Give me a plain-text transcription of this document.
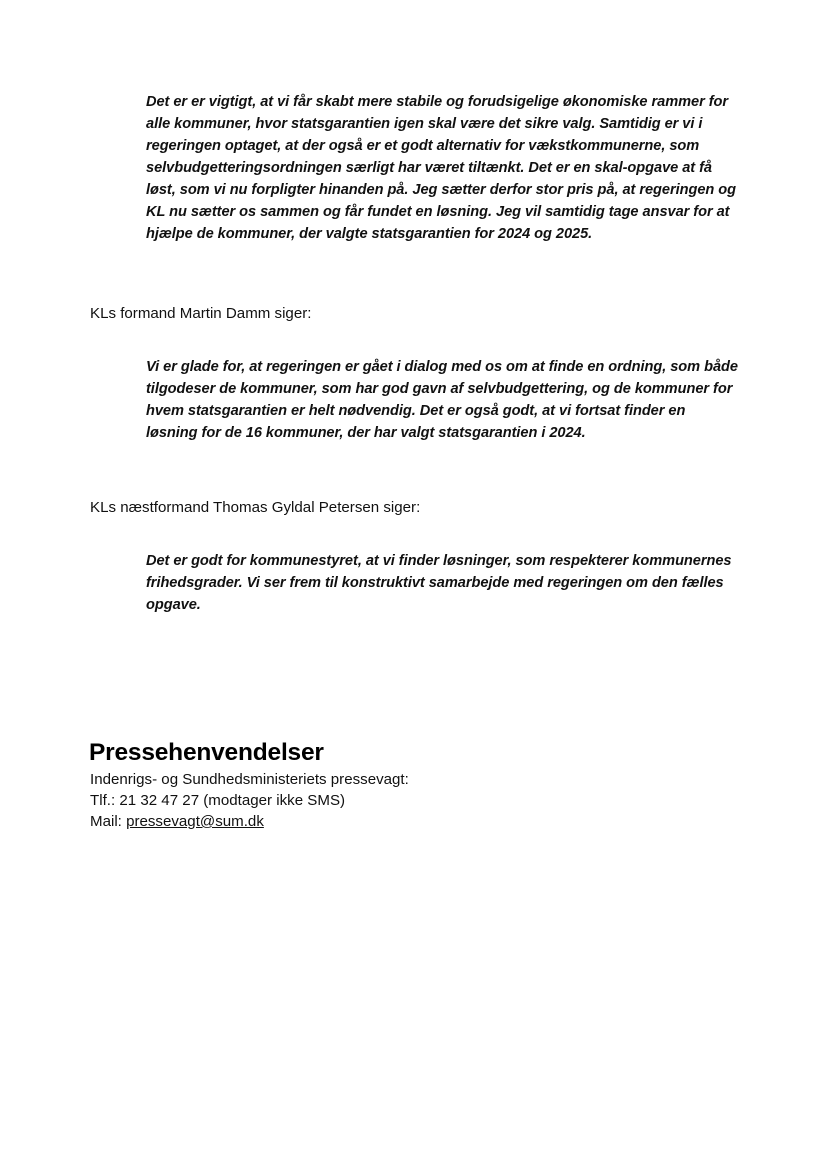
Det er er vigtigt, at vi får skabt mere stabile og forudsigelige økonomiske rammer for alle kommuner, hvor statsgarantien igen skal være det sikre valg. Samtidig er vi i regeringen optaget, at der også er et godt alternativ for vækstkommunerne, som selvbudgetteringsordningen særligt har været tiltænkt. Det er en skal-opgave at få løst, som vi nu forpligter hinanden på. Jeg sætter derfor stor pris på, at regeringen og KL nu sætter os sammen og får fundet en løsning. Jeg vil samtidig tage ansvar for at hjælpe de kommuner, der valgte statsgarantien for 2024 og 2025.

KLs formand Martin Damm siger:

Vi er glade for, at regeringen er gået i dialog med os om at finde en ordning, som både tilgodeser de kommuner, som har god gavn af selvbudgettering, og de kommuner for hvem statsgarantien er helt nødvendig. Det er også godt, at vi fortsat finder en løsning for de 16 kommuner, der har valgt statsgarantien i 2024.

KLs næstformand Thomas Gyldal Petersen siger:

Det er godt for kommunestyret, at vi finder løsninger, som respekterer kommunernes frihedsgrader. Vi ser frem til konstruktivt samarbejde med regeringen om den fælles opgave.

Pressehenvendelser
Indenrigs- og Sundhedsministeriets pressevagt:
Tlf.: 21 32 47 27 (modtager ikke SMS)
Mail: pressevagt@sum.dk
